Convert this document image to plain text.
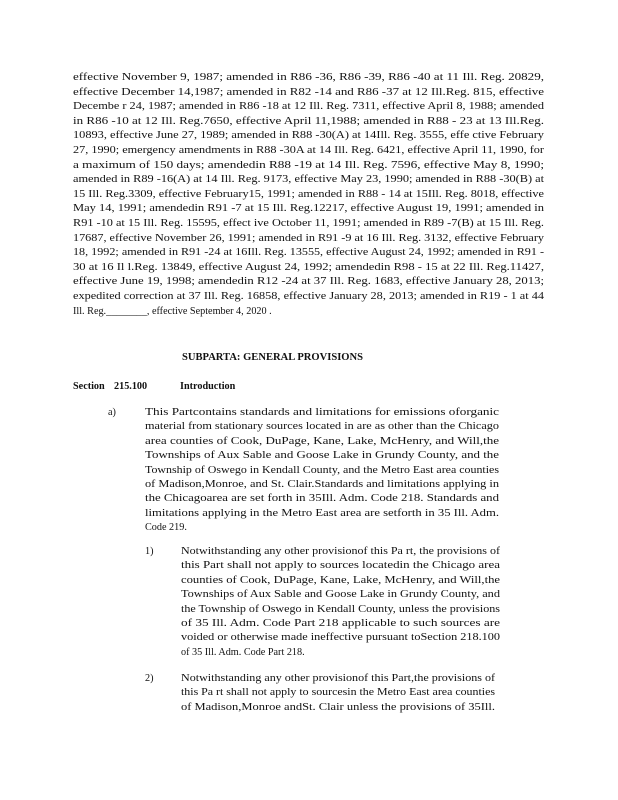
effective November 9, 1987; amended in R86 -36, R86 -39, R86 -40 at 11 Ill. Reg. 20829,
effective December 14,1987; amended in R82 -14 and R86 -37 at 12 Ill.Reg. 815, effective
Decembe r 24, 1987; amended in R86 -18 at 12 Ill. Reg. 7311, effective April 8, 1988; amended
in R86 -10 at 12 Ill. Reg.7650, effective April 11,1988; amended in R88 - 23 at 13 Ill.Reg.
10893, effective June 27, 1989; amended in R88 -30(A) at 14Ill. Reg. 3555, effe ctive February
27, 1990; emergency amendments in R88 -30A at 14 Ill. Reg. 6421, effective April 11, 1990, for
a maximum of 150 days; amendedin R88 -19 at 14 Ill. Reg. 7596, effective May 8, 1990;
amended in R89 -16(A) at 14 Ill. Reg. 9173, effective May 23, 1990; amended in R88 -30(B) at
15 Ill. Reg.3309, effective February15, 1991; amended in R88 - 14 at 15Ill. Reg. 8018, effective
May 14, 1991; amendedin R91 -7 at 15 Ill. Reg.12217, effective August 19, 1991; amended in
R91 -10 at 15 Ill. Reg. 15595, effect ive October 11, 1991; amended in R89 -7(B) at 15 Ill. Reg.
17687, effective November 26, 1991; amended in R91 -9 at 16 Ill. Reg. 3132, effective February
18, 1992; amended in R91 -24 at 16Ill. Reg. 13555, effective August 24, 1992; amended in R91 -
30 at 16 Il l.Reg. 13849, effective August 24, 1992; amendedin R98 - 15 at 22 Ill. Reg.11427,
effective June 19, 1998; amendedin R12 -24 at 37 Ill. Reg. 1683, effective January 28, 2013;
expedited correction at 37 Ill. Reg. 16858, effective January 28, 2013; amended in R19 - 1 at 44
Ill. Reg.________, effective September 4, 2020 .
SUBPARTA: GENERAL PROVISIONS
Section 215.100	Introduction
a)	This Partcontains standards and limitations for emissions oforganic
material from stationary sources located in are as other than the Chicago
area counties of Cook, DuPage, Kane, Lake, McHenry, and Will,the
Townships of Aux Sable and Goose Lake in Grundy County, and the
Township of Oswego in Kendall County, and the Metro East area counties
of Madison,Monroe, and St. Clair.Standards and limitations applying in
the Chicagoarea are set forth in 35Ill. Adm. Code 218. Standards and
limitations applying in the Metro East area are setforth in 35 Ill. Adm.
Code 219.
1)	Notwithstanding any other provisionof this Pa rt, the provisions of
this Part shall not apply to sources locatedin the Chicago area
counties of Cook, DuPage, Kane, Lake, McHenry, and Will,the
Townships of Aux Sable and Goose Lake in Grundy County, and
the Township of Oswego in Kendall County, unless the provisions
of 35 Ill. Adm. Code Part 218 applicable to such sources are
voided or otherwise made ineffective pursuant toSection 218.100
of 35 Ill. Adm. Code Part 218.
2)	Notwithstanding any other provisionof this Part,the provisions of
this Pa rt shall not apply to sourcesin the Metro East area counties
of Madison,Monroe andSt. Clair unless the provisions of 35Ill.
